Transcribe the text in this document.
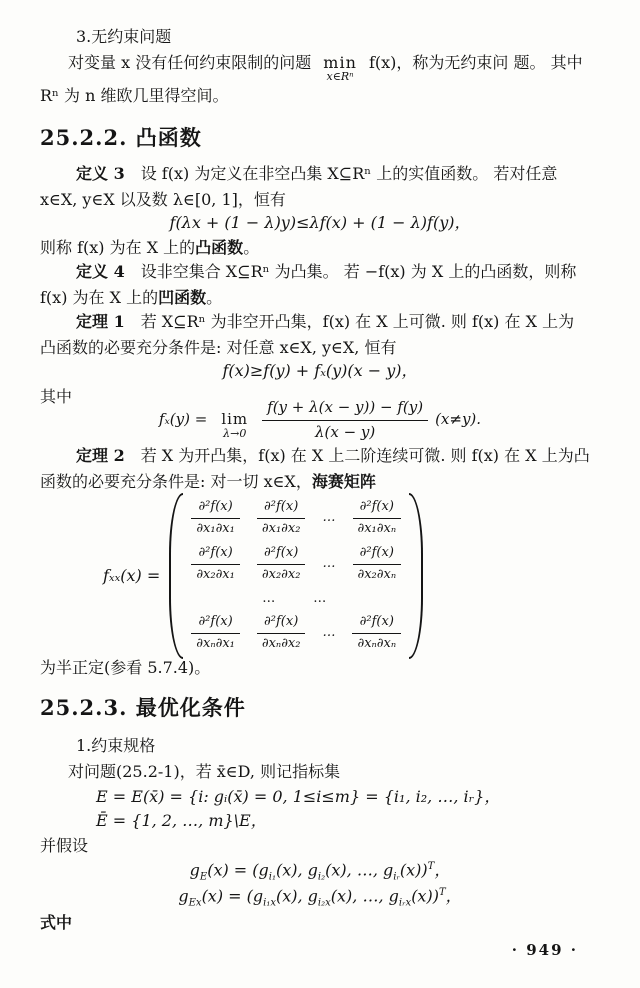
3.无约束问题
对变量 x 没有任何约束限制的问题 min
x∈Rⁿ
f(x)，称为无约束问 题。 其中
Rⁿ 为 n 维欧几里得空间。
25.2.2. 凸函数
定义 3　设 f(x) 为定义在非空凸集 X⊆Rⁿ 上的实值函数。 若对任意
x∈X, y∈X 以及数 λ∈[0, 1]，恒有
f(λx + (1 − λ)y)≤λf(x) + (1 − λ)f(y)，
则称 f(x) 为在 X 上的凸函数。
定义 4　设非空集合 X⊆Rⁿ 为凸集。 若 −f(x) 为 X 上的凸函数，则称
f(x) 为在 X 上的凹函数。
定理 1　若 X⊆Rⁿ 为非空开凸集，f(x) 在 X 上可微. 则 f(x) 在 X 上为
凸函数的必要充分条件是: 对任意 x∈X, y∈X, 恒有
f(x)≥f(y) + fₓ(y)(x − y)，
其中
fₓ(y) = lim
$\lambda\to 0 \frac{f(y + \lambda(x - y)) - f(y)}{\lambda(x - y)} (x\ne y)$.
定理 2　若 X 为开凸集，f(x) 在 X 上二阶连续可微. 则 f(x) 在 X 上为凸
函数的必要充分条件是: 对一切 x∈X，海赛矩阵
fₓₓ(x) =
$\frac{\text{∂²f(x)}}{\text{∂x₁∂x₁}} \frac{\text{∂²f(x)}}{\text{∂x₁∂x₂}}$ … $\frac{\text{∂²f(x)}}{\text{∂x₁∂xₙ}}$
$\frac{\text{∂²f(x)}}{\text{∂x₂∂x₁}} \frac{\text{∂²f(x)}}{\text{∂x₂∂x₂}}$ … $\frac{\text{∂²f(x)}}{\text{∂x₂∂xₙ}}$
…　　…
$\frac{\text{∂²f(x)}}{\text{∂xₙ∂x₁}} \frac{\text{∂²f(x)}}{\text{∂xₙ∂x₂}}$ … $\frac{\text{∂²f(x)}}{\text{∂xₙ∂xₙ}}$
为半正定(参看 5.7.4)。
25.2.3. 最优化条件
1.约束规格
对问题(25.2-1)，若 x̄∈D, 则记指标集
E = E(x̄) = {i: gᵢ(x̄) = 0, 1≤i≤m} = {i₁, i₂, …, iᵣ}，
Ē = {1, 2, …, m}\E，
并假设
$g_E(x) = (g_{i_1}(x)$, $g_{i_2}(x)$, …, $g_{iᵣ}(x))^T$，
$g_{Ex}(x) = (g_{i_1x}(x)$, $g_{i_2x}(x)$, …, $g_{iᵣx}(x))^T$，
式中
· 949 ·
